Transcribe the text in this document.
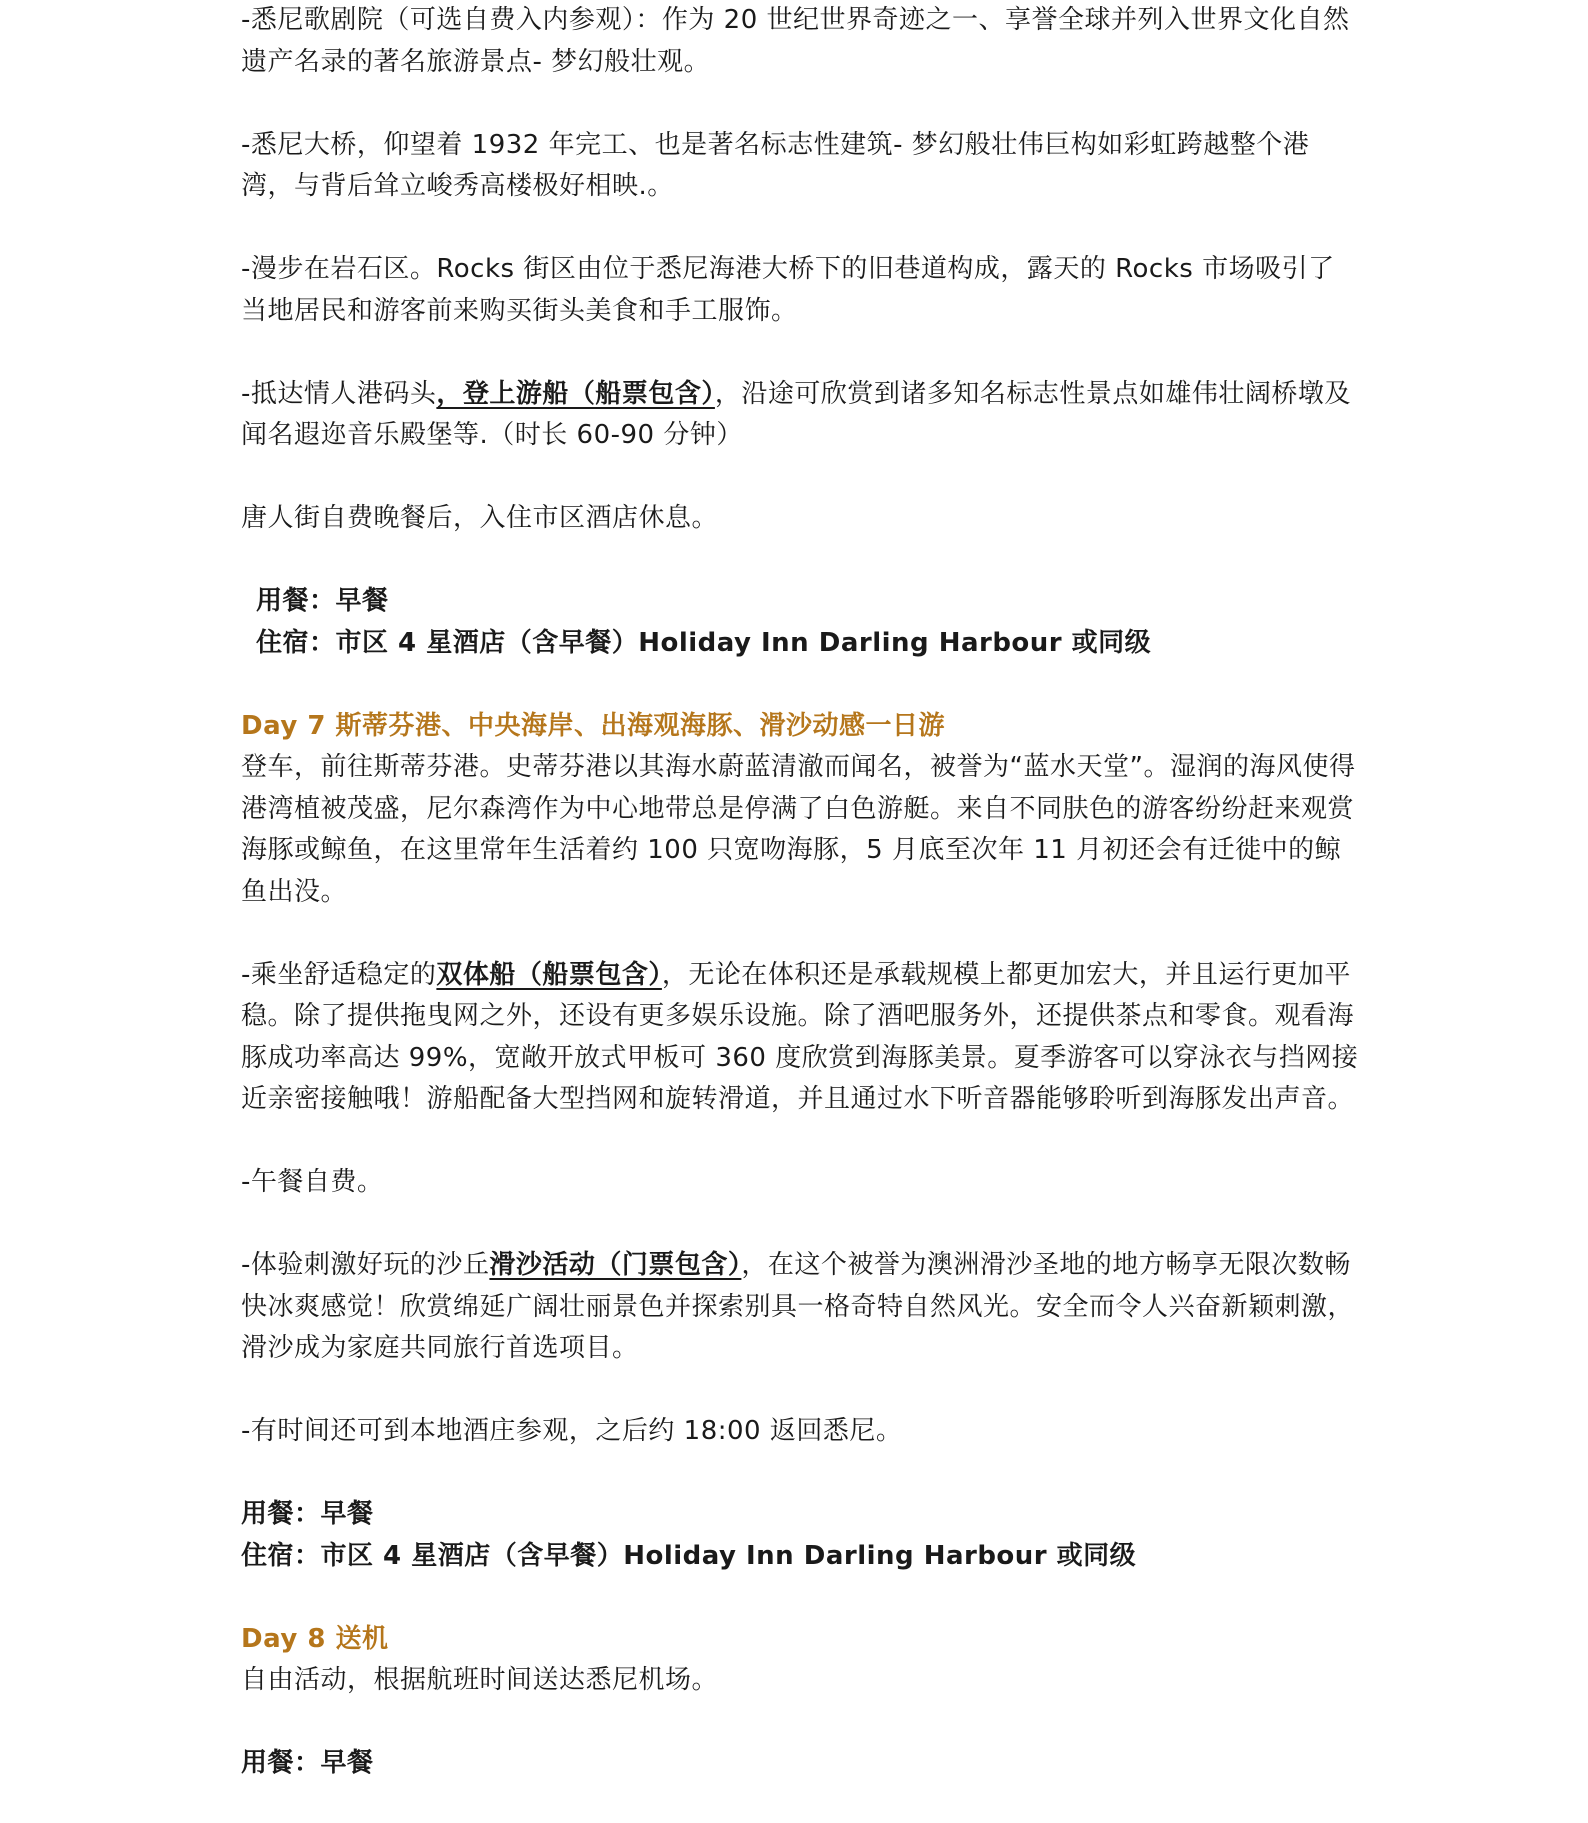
-悉尼歌剧院（可选自费入内参观）：作为 20 世纪世界奇迹之一、享誉全球并列入世界文化自然遗产名录的著名旅游景点- 梦幻般壮观。

-悉尼大桥，仰望着 1932 年完工、也是著名标志性建筑- 梦幻般壮伟巨构如彩虹跨越整个港湾，与背后耸立峻秀高楼极好相映.。

-漫步在岩石区。Rocks 街区由位于悉尼海港大桥下的旧巷道构成，露天的 Rocks 市场吸引了当地居民和游客前来购买街头美食和手工服饰。

-抵达情人港码头，登上游船（船票包含），沿途可欣赏到诸多知名标志性景点如雄伟壮阔桥墩及闻名遐迩音乐殿堡等.（时长 60-90 分钟）

唐人街自费晚餐后，入住市区酒店休息。

用餐：早餐

住宿：市区 4 星酒店（含早餐）Holiday Inn Darling Harbour 或同级

Day 7 斯蒂芬港、中央海岸、出海观海豚、滑沙动感一日游

登车，前往斯蒂芬港。史蒂芬港以其海水蔚蓝清澈而闻名，被誉为“蓝水天堂”。湿润的海风使得港湾植被茂盛，尼尔森湾作为中心地带总是停满了白色游艇。来自不同肤色的游客纷纷赶来观赏海豚或鲸鱼，在这里常年生活着约 100 只宽吻海豚，5 月底至次年 11 月初还会有迁徙中的鲸鱼出没。

-乘坐舒适稳定的双体船（船票包含），无论在体积还是承载规模上都更加宏大，并且运行更加平稳。除了提供拖曳网之外，还设有更多娱乐设施。除了酒吧服务外，还提供茶点和零食。观看海豚成功率高达 99%，宽敞开放式甲板可 360 度欣赏到海豚美景。夏季游客可以穿泳衣与挡网接近亲密接触哦！游船配备大型挡网和旋转滑道，并且通过水下听音器能够聆听到海豚发出声音。

-午餐自费。

-体验刺激好玩的沙丘滑沙活动（门票包含），在这个被誉为澳洲滑沙圣地的地方畅享无限次数畅快冰爽感觉！欣赏绵延广阔壮丽景色并探索别具一格奇特自然风光。安全而令人兴奋新颖刺激，滑沙成为家庭共同旅行首选项目。

-有时间还可到本地酒庄参观，之后约 18:00 返回悉尼。

用餐：早餐

住宿：市区 4 星酒店（含早餐）Holiday Inn Darling Harbour 或同级

Day 8 送机

自由活动，根据航班时间送达悉尼机场。

用餐：早餐
